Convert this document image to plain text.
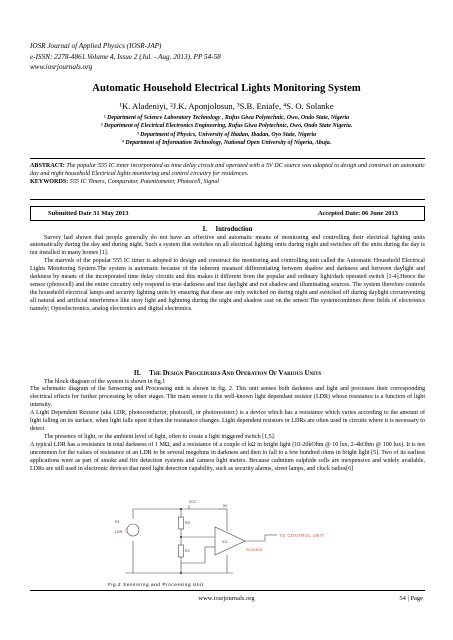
IOSR Journal of Applied Physics (IOSR-JAP)
e-ISSN: 2278-4861.Volume 4, Issue 2 (Jul. - Aug. 2013), PP 54-58
www.iosrjournals.org
Automatic Household Electrical Lights Monitoring System
¹K. Aladeniyi, ²J.K. Aponjolosun, ³S.B. Eniafe, ⁴S. O. Solanke
¹ Department of Science Laboratory Technology , Rufus Giwa Polytechnic, Owo, Ondo State, Nigeria
² Department of Electrical Electronics Engineering, Rufus Giwa Polytechnic, Owo, Ondo State Nigeria.
³ Department of Physics, University of Ibadan, Ibadan, Oyo State, Nigeria
⁴ Department of Information Technology, National Open University of Nigeria, Abuja.
ABSTRACT: The popular 555 IC timer incorporated as time delay circuit and operated with a 5V DC source was adapted to design and construct an automatic day and night household Electrical lights monitoring and control circuitry for residences.
KEYWORDS: 555 IC Timers, Comparator, Potentiometer, Photocell, Signal
Submitted Date 31 May 2013	Accepted Date: 06 June 2013
I.     Introduction

Survey had shown that people generally do not have an effective and automatic means of monitoring and controlling their electrical lighting units automatically during the day and during night. Such a system that switches on all electrical lighting units during night and switches off the units during the day is not installed in many homes [1].

The marvels of the popular 555 IC timer is adopted to design and construct the monitoring and controlling unit called the Automatic Household Electrical Lights Monitoring System.The system is automatic because of the inherent meansof differentiating between shadow and darkness and between daylight and darkness by means of the incorporated time delay circuits and this makes it different from the popular and ordinary light/dark operated switch [1-4].Hence the sensor (photocell) and the entire circuitry only respond to true darkness and true daylight and not shadow and illuminating sources. The system therefore controls the household electrical lamps and security lighting units by ensuring that these are only switched on during night and switched off during daylight circumventing all natural and artificial interference like stray light and lightning during the night and shadow cast on the sensor.The systemcombines three fields of electronics namely; Optoelectronics, analog electronics and digital electronics.

II.     The Design Procedures And Operation Of Various Units

The block diagram of the system is shown in fig.1

The schematic diagram of the Sensoring and Processing unit is shown in fig. 2. This unit senses both darkness and light and processes their corresponding electrical effects for further processing by other stages. The main sensor is the well-known light dependant resistor (LDR) whose resistance is a function of light intensity.

A Light Dependent Resistor (aka LDR, photoconductor, photocell, or photoresistor.) is a device which has a resistance which varies according to the amount of light falling on its surface, when light falls upon it then the resistance changes. Light dependent resistors or LDRs are often used in circuits where it is necessary to detect

The presence of light, or the ambient level of light, often to create a light triggered switch [1,5].

A typical LDR has a resistance in total darkness of 1 MΩ, and a resistance of a couple of kΩ in bright light (10-20kOhm @ 10 lux, 2-4kOhm @ 100 lux). It is not uncommon for the values of resistance of an LDR to be several megohms in darkness and then to fall to a few hundred ohms in bright light [5]. Two of its earliest applications were as part of smoke and fire detection systems and camera light meters. Because cadmium sulphide cells are inexpensive and widely available, LDRs are still used in electronic devices that need light detection capability, such as security alarms, street lamps, and clock radios[6]

VCC
5V
R3
R1
R2
LDR
IC1
RCA/3S8
TO CONTROL UNIT
Fig.2 Sensoring and Processing Unit
www.iosrjournals.org	54 | Page
